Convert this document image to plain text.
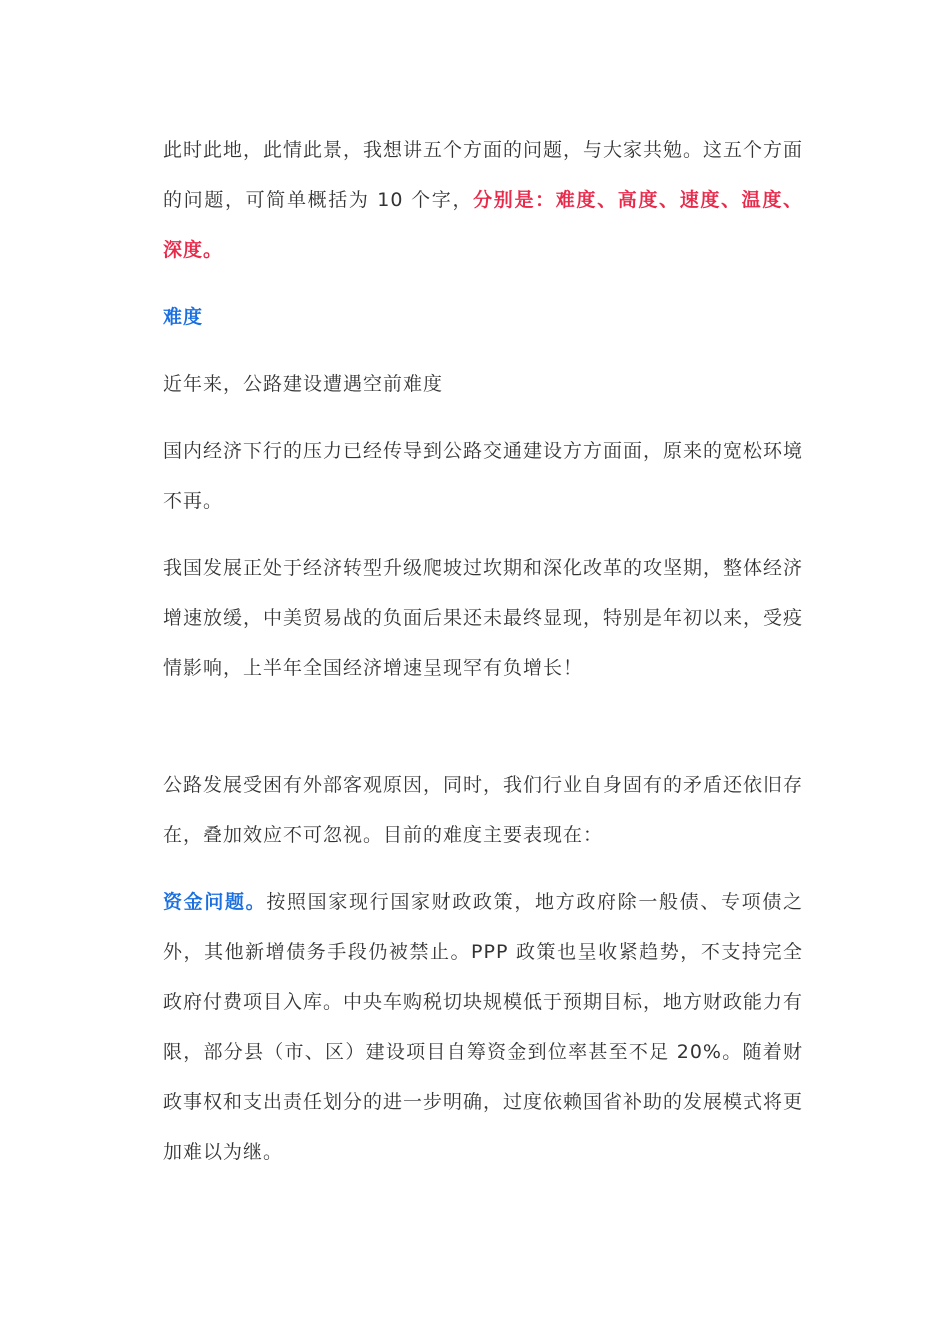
此时此地，此情此景，我想讲五个方面的问题，与大家共勉。这五个方面的问题，可简单概括为 10 个字，分别是：难度、高度、速度、温度、深度。

难度

近年来，公路建设遭遇空前难度

国内经济下行的压力已经传导到公路交通建设方方面面，原来的宽松环境不再。

我国发展正处于经济转型升级爬坡过坎期和深化改革的攻坚期，整体经济增速放缓，中美贸易战的负面后果还未最终显现，特别是年初以来，受疫情影响，上半年全国经济增速呈现罕有负增长！

公路发展受困有外部客观原因，同时，我们行业自身固有的矛盾还依旧存在，叠加效应不可忽视。目前的难度主要表现在：

资金问题。按照国家现行国家财政政策，地方政府除一般债、专项债之外，其他新增债务手段仍被禁止。PPP 政策也呈收紧趋势，不支持完全政府付费项目入库。中央车购税切块规模低于预期目标，地方财政能力有限，部分县（市、区）建设项目自筹资金到位率甚至不足 20%。随着财政事权和支出责任划分的进一步明确，过度依赖国省补助的发展模式将更加难以为继。
